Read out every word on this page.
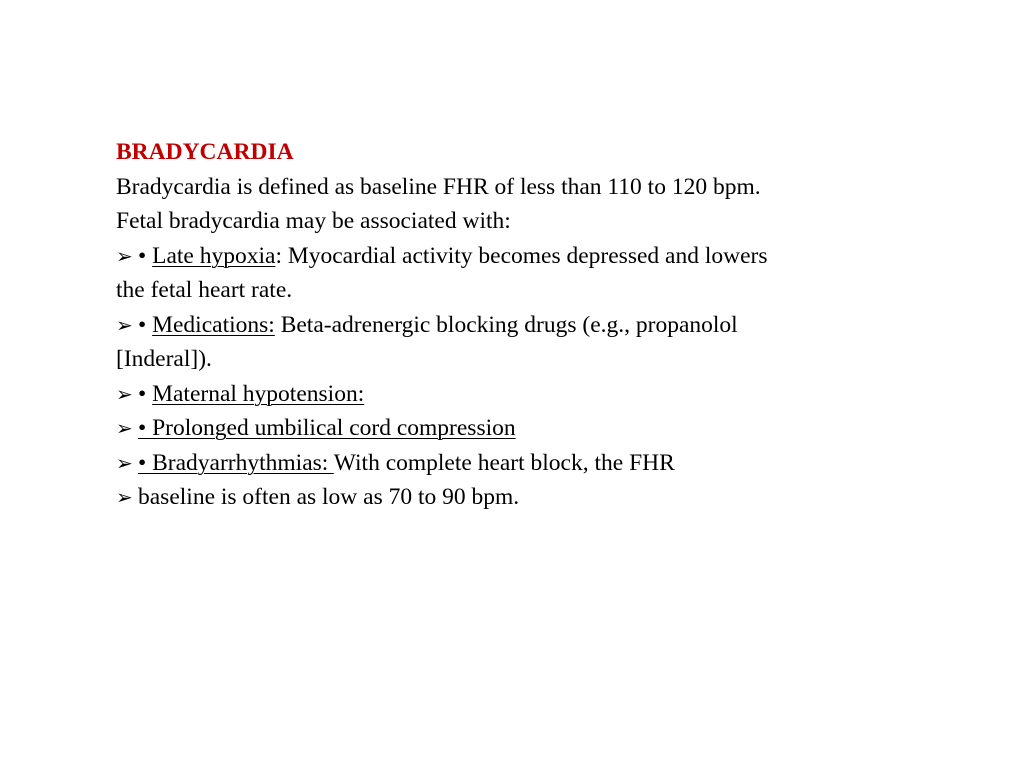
BRADYCARDIA
Bradycardia is defined as baseline FHR of less than 110 to 120 bpm.
Fetal bradycardia may be associated with:
➢ • Late hypoxia: Myocardial activity becomes depressed and lowers
the fetal heart rate.
➢ • Medications: Beta-adrenergic blocking drugs (e.g., propanolol
[Inderal]).
➢ • Maternal hypotension:
➢ • Prolonged umbilical cord compression
➢ • Bradyarrhythmias: With complete heart block, the FHR
➢ baseline is often as low as 70 to 90 bpm.
